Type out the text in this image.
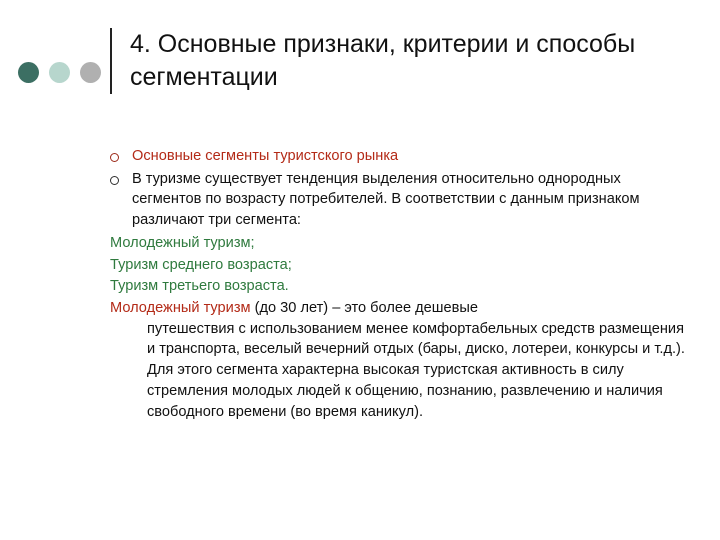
4. Основные признаки, критерии и способы сегментации
Основные сегменты туристского рынка
В туризме существует тенденция выделения относительно однородных сегментов по возрасту потребителей. В соответствии с данным признаком различают три сегмента:
Молодежный туризм;
Туризм среднего возраста;
Туризм третьего возраста.
Молодежный туризм (до 30 лет) – это более дешевые
путешествия с использованием менее комфортабельных средств размещения и транспорта, веселый вечерний отдых (бары, диско, лотереи, конкурсы и т.д.). Для этого сегмента характерна высокая туристская активность в силу стремления молодых людей к общению, познанию, развлечению и наличия свободного времени (во время каникул).
